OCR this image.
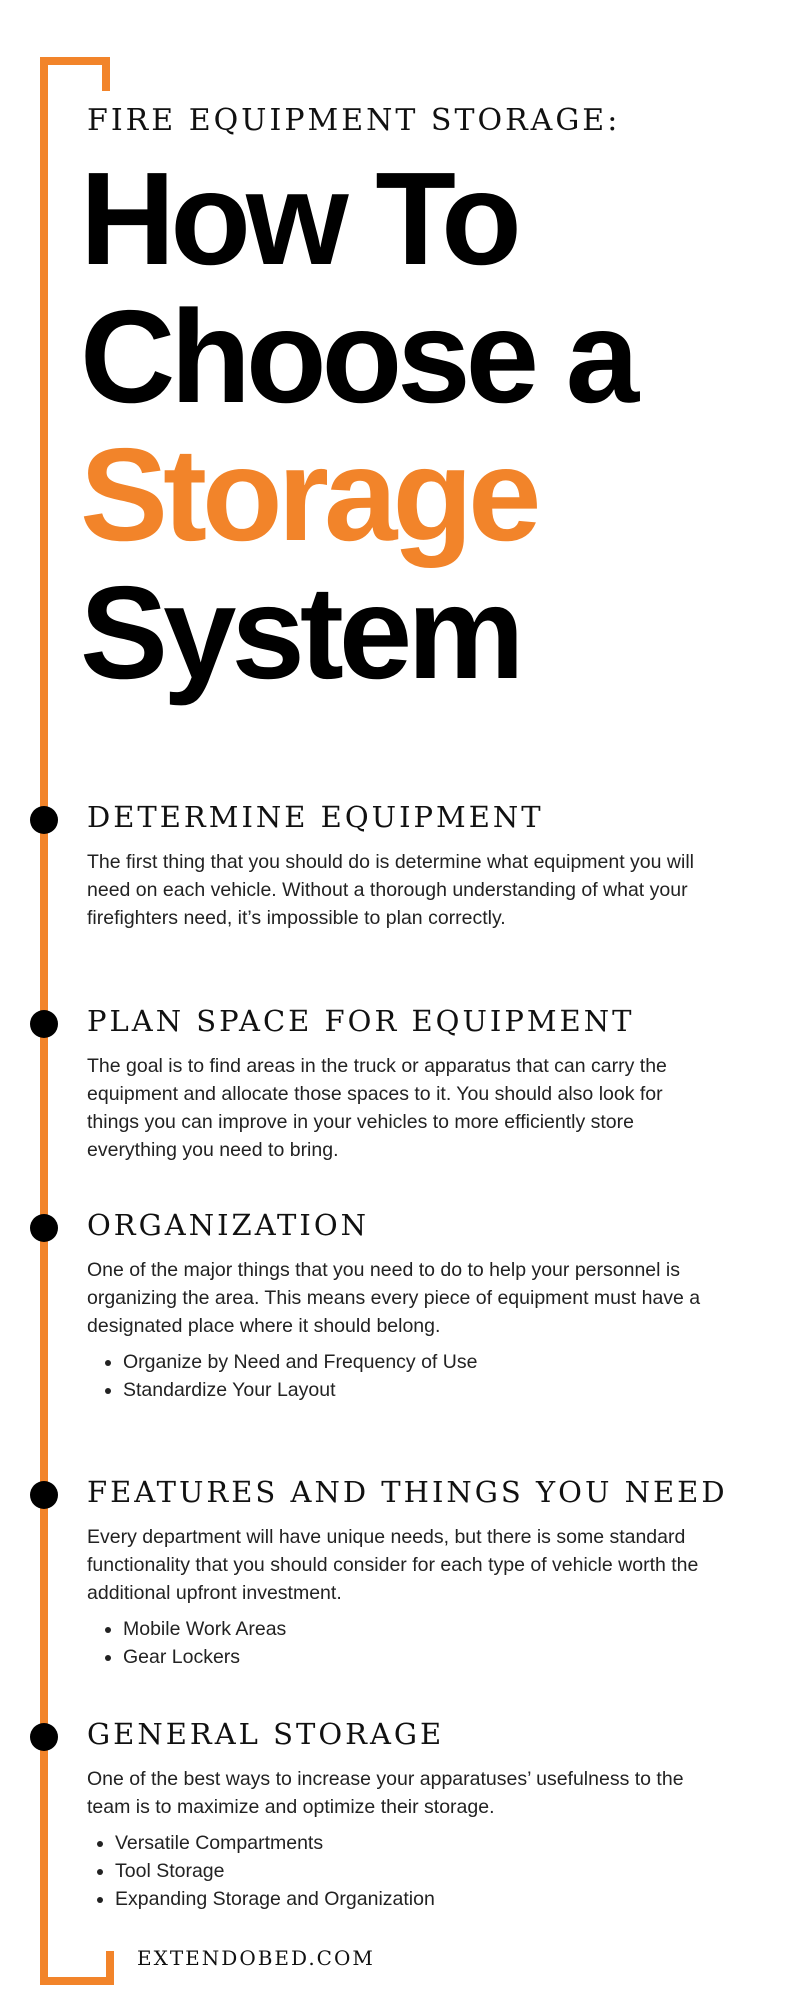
FIRE EQUIPMENT STORAGE:
How To
Choose a
Storage
System
DETERMINE EQUIPMENT

The first thing that you should do is determine what equipment you will need on each vehicle. Without a thorough understanding of what your firefighters need, it’s impossible to plan correctly.

PLAN SPACE FOR EQUIPMENT

The goal is to find areas in the truck or apparatus that can carry the equipment and allocate those spaces to it. You should also look for things you can improve in your vehicles to more efficiently store everything you need to bring.

ORGANIZATION

One of the major things that you need to do to help your personnel is organizing the area. This means every piece of equipment must have a designated place where it should belong.

• Organize by Need and Frequency of Use
• Standardize Your Layout
FEATURES AND THINGS YOU NEED

Every department will have unique needs, but there is some standard functionality that you should consider for each type of vehicle worth the additional upfront investment.

• Mobile Work Areas
• Gear Lockers
GENERAL STORAGE

One of the best ways to increase your apparatuses’ usefulness to the team is to maximize and optimize their storage.

• Versatile Compartments
• Tool Storage
• Expanding Storage and Organization
EXTENDOBED.COM
